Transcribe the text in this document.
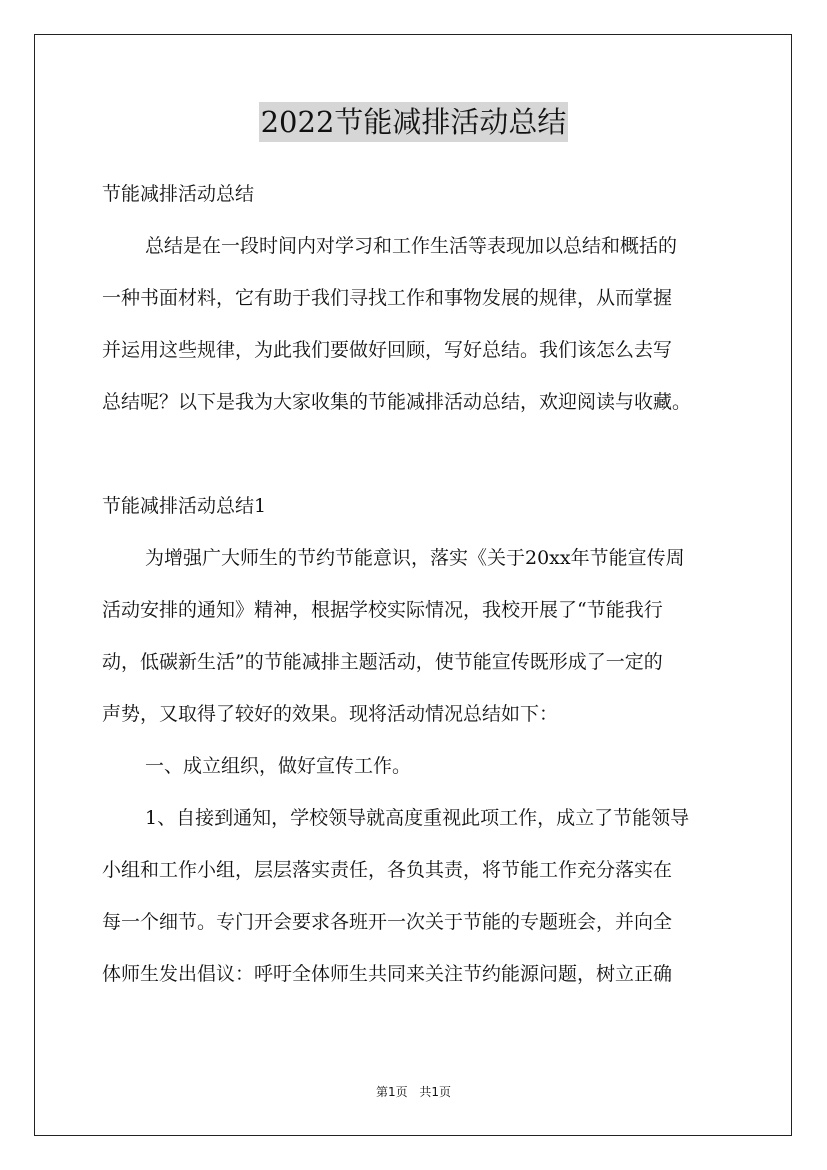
2022节能减排活动总结
节能减排活动总结
总结是在一段时间内对学习和工作生活等表现加以总结和概括的
一种书面材料，它有助于我们寻找工作和事物发展的规律，从而掌握
并运用这些规律，为此我们要做好回顾，写好总结。我们该怎么去写
总结呢？以下是我为大家收集的节能减排活动总结，欢迎阅读与收藏。
节能减排活动总结1
为增强广大师生的节约节能意识，落实《关于20xx年节能宣传周
活动安排的通知》精神，根据学校实际情况，我校开展了“节能我行
动，低碳新生活”的节能减排主题活动，使节能宣传既形成了一定的
声势，又取得了较好的效果。现将活动情况总结如下：
一、成立组织，做好宣传工作。
1、自接到通知，学校领导就高度重视此项工作，成立了节能领导
小组和工作小组，层层落实责任，各负其责，将节能工作充分落实在
每一个细节。专门开会要求各班开一次关于节能的专题班会，并向全
体师生发出倡议：呼吁全体师生共同来关注节约能源问题，树立正确
第1页 共1页
